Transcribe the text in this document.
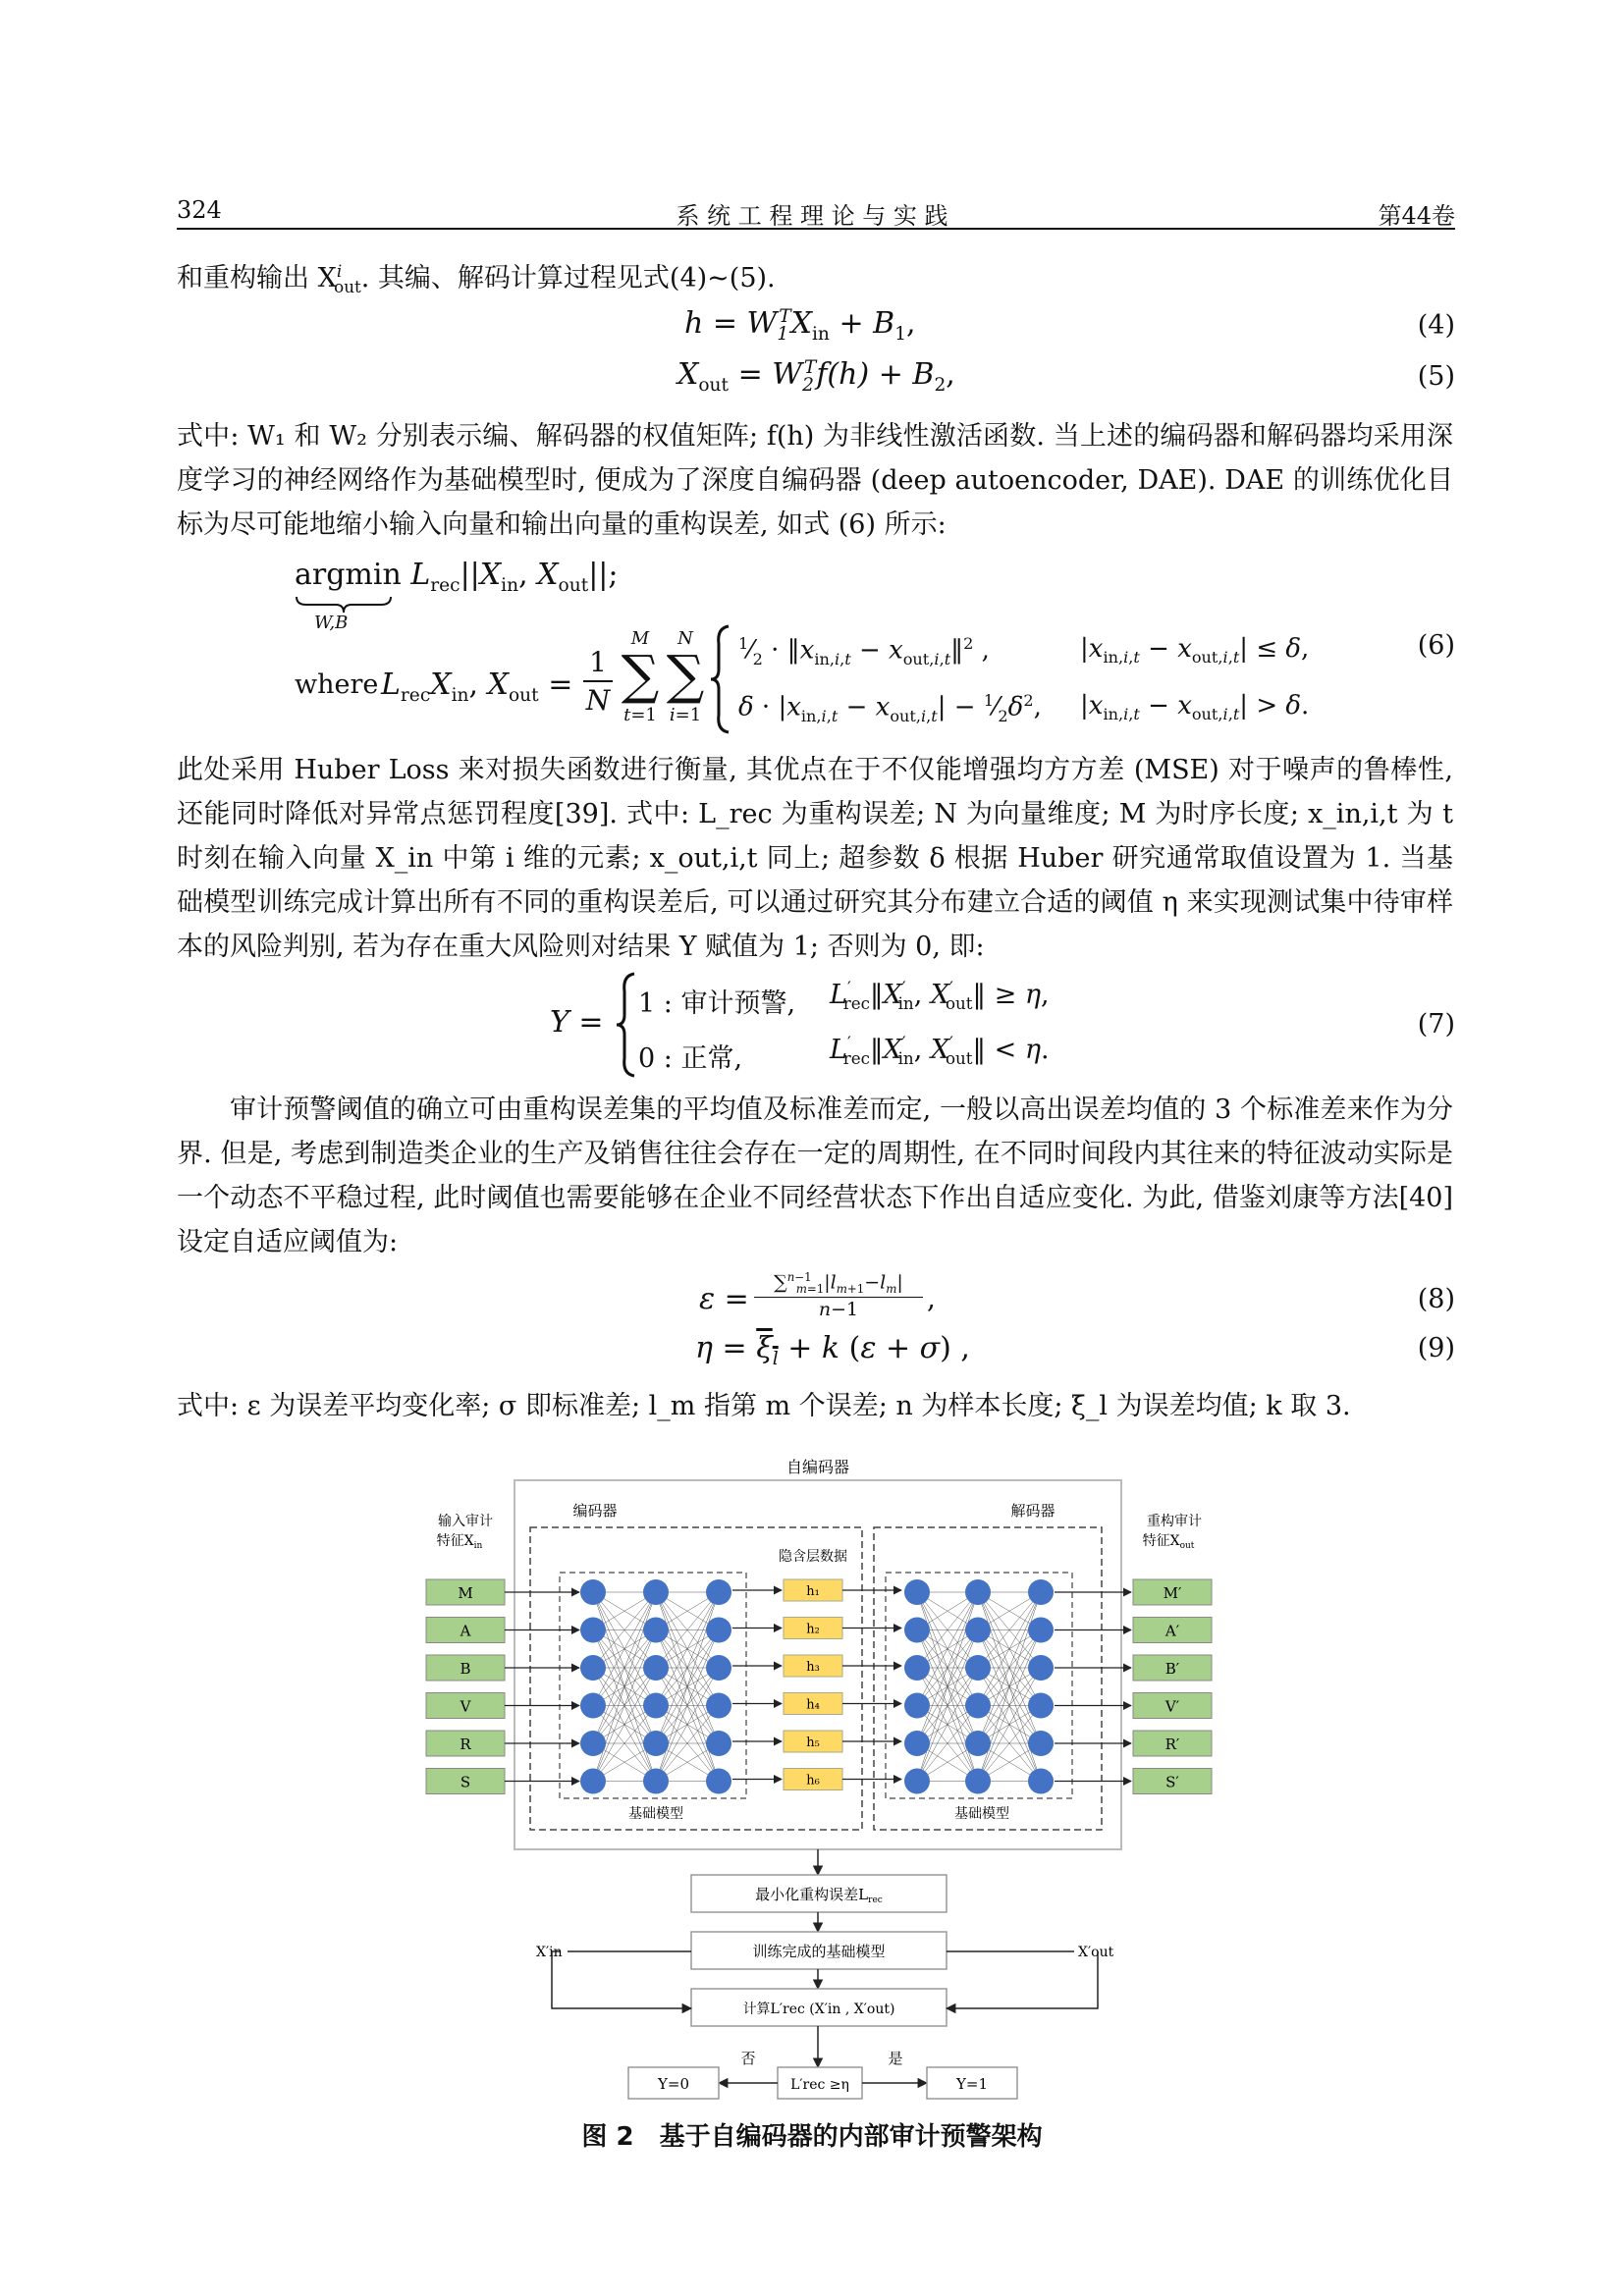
324	系 统 工 程 理 论 与 实 践	第44卷

和重构输出 $X^i_{out}$. 其编、解码计算过程见式(4)~(5).

$h = W_1^TX_{in} + B_1$,	(4)
$X_{out} = W_2^Tf(h) + B_2$,	(5)

式中: W₁ 和 W₂ 分别表示编、解码器的权值矩阵; f(h) 为非线性激活函数. 当上述的编码器和解码器均采用深度学习的神经网络作为基础模型时, 便成为了深度自编码器 (deep autoencoder, DAE). DAE 的训练优化目标为尽可能地缩小输入向量和输出向量的重构误差, 如式 (6) 所示:

argmin $L_{rec}||X_{in}$, $X_{out}||$;
W,B
where $L_{rec}X_{in}$, $X_{out}$ =
1
N
M
∑
t=1
N
∑
i=1
$^1⁄_2$ · $‖x_{in,i,t}$ − $x_{out,i,t}‖^2$ ,	$|x_{in,i,t} - x_{out,i,t}| \le \delta$,
$\delta \cdot |x_{in,i,t} - x_{out,i,t}|$ − $^1⁄_2\delta^2$, $|x_{in,i,t} - x_{out,i,t}| > \delta$.
(6)

此处采用 Huber Loss 来对损失函数进行衡量, 其优点在于不仅能增强均方方差 (MSE) 对于噪声的鲁棒性, 还能同时降低对异常点惩罚程度[39]. 式中: L_rec 为重构误差; N 为向量维度; M 为时序长度; x_in,i,t 为 t 时刻在输入向量 X_in 中第 i 维的元素; x_out,i,t 同上; 超参数 δ 根据 Huber 研究通常取值设置为 1. 当基础模型训练完成计算出所有不同的重构误差后, 可以通过研究其分布建立合适的阈值 η 来实现测试集中待审样本的风险判别, 若为存在重大风险则对结果 Y 赋值为 1; 否则为 0, 即:

Y =
1 : 审计预警, $L'_{rec}‖X'_{in}$, $X'_{out}‖ \ge \eta$,
0 : 正常,	$L'_{rec}‖X'_{in}$, $X'_{out}‖ < \eta$.
(7)

审计预警阈值的确立可由重构误差集的平均值及标准差而定, 一般以高出误差均值的 3 个标准差来作为分界. 但是, 考虑到制造类企业的生产及销售往往会存在一定的周期性, 在不同时间段内其往来的特征波动实际是一个动态不平稳过程, 此时阈值也需要能够在企业不同经营状态下作出自适应变化. 为此, 借鉴刘康等方法[40] 设定自适应阈值为:

ε =	$\sum^{n-1}_{m=1}|l_{m+1}-l_m|$
n−1	,	(8)
$\eta = \xi_l + k$ (ε + σ) ,	(9)

式中: ε 为误差平均变化率; σ 即标准差; l_m 指第 m 个误差; n 为样本长度; ξ̄_l 为误差均值; k 取 3.

自编码器
编码器	解码器
隐含层数据
基础模型	基础模型
输入审计
特征$X_{in}$
重构审计
特征$X_{out}$
M
A
B
V
R
S
h₁
h₂
h₃
h₄
h₅
h₆
M′
A′
B′
V′
R′
S′
最小化重构误差$L_{rec}$
训练完成的基础模型
计算L′rec (X′in , X′out)
X′in	X′out
L′rec ≥η
否	是
Y=0	Y=1
图 2　基于自编码器的内部审计预警架构
